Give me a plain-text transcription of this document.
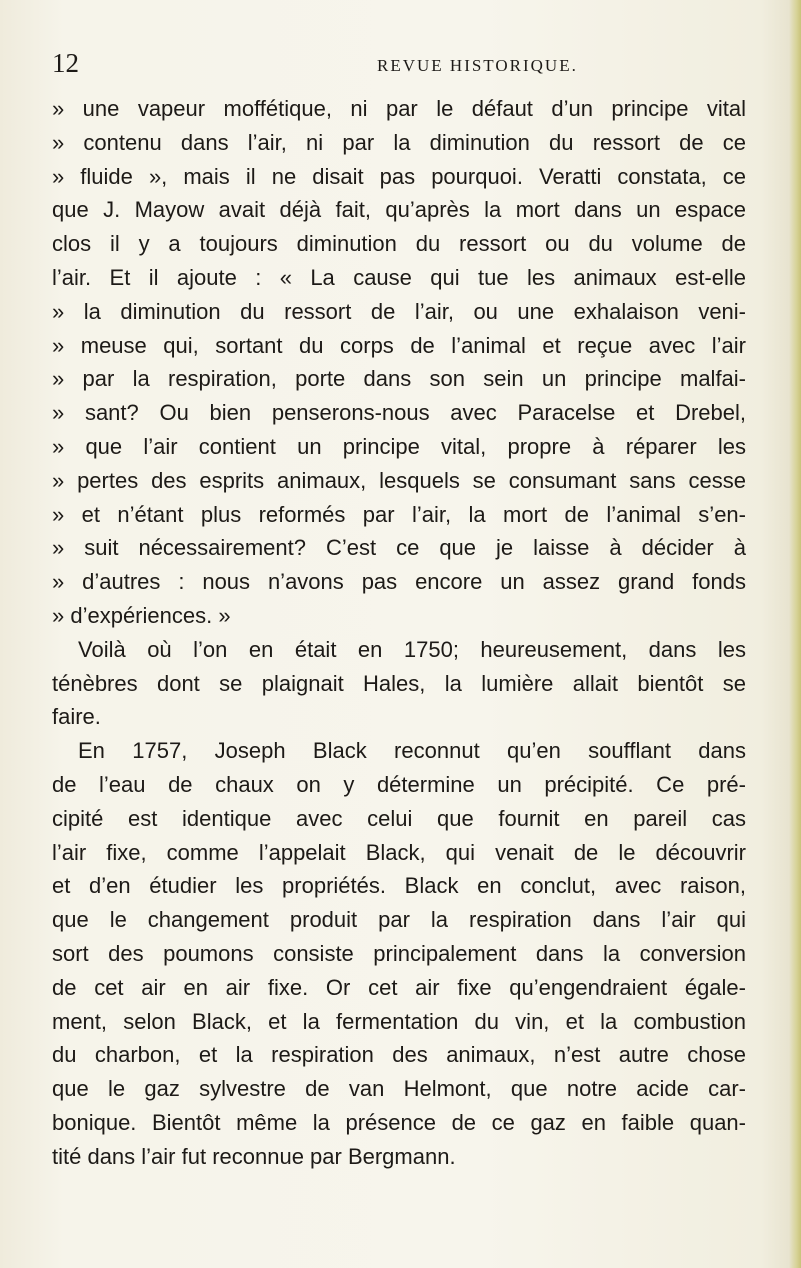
12	REVUE HISTORIQUE.
» une vapeur moffétique, ni par le défaut d’un principe vital
» contenu dans l’air, ni par la diminution du ressort de ce
» fluide », mais il ne disait pas pourquoi. Veratti constata, ce
que J. Mayow avait déjà fait, qu’après la mort dans un espace
clos il y a toujours diminution du ressort ou du volume de
l’air. Et il ajoute : « La cause qui tue les animaux est-elle
» la diminution du ressort de l’air, ou une exhalaison veni-
» meuse qui, sortant du corps de l’animal et reçue avec l’air
» par la respiration, porte dans son sein un principe malfai-
» sant? Ou bien penserons-nous avec Paracelse et Drebel,
» que l’air contient un principe vital, propre à réparer les
» pertes des esprits animaux, lesquels se consumant sans cesse
» et n’étant plus reformés par l’air, la mort de l’animal s’en-
» suit nécessairement? C’est ce que je laisse à décider à
» d’autres : nous n’avons pas encore un assez grand fonds
» d’expériences. »
Voilà où l’on en était en 1750; heureusement, dans les
ténèbres dont se plaignait Hales, la lumière allait bientôt se
faire.
En 1757, Joseph Black reconnut qu’en soufflant dans
de l’eau de chaux on y détermine un précipité. Ce pré-
cipité est identique avec celui que fournit en pareil cas
l’air fixe, comme l’appelait Black, qui venait de le découvrir
et d’en étudier les propriétés. Black en conclut, avec raison,
que le changement produit par la respiration dans l’air qui
sort des poumons consiste principalement dans la conversion
de cet air en air fixe. Or cet air fixe qu’engendraient égale-
ment, selon Black, et la fermentation du vin, et la combustion
du charbon, et la respiration des animaux, n’est autre chose
que le gaz sylvestre de van Helmont, que notre acide car-
bonique. Bientôt même la présence de ce gaz en faible quan-
tité dans l’air fut reconnue par Bergmann.
